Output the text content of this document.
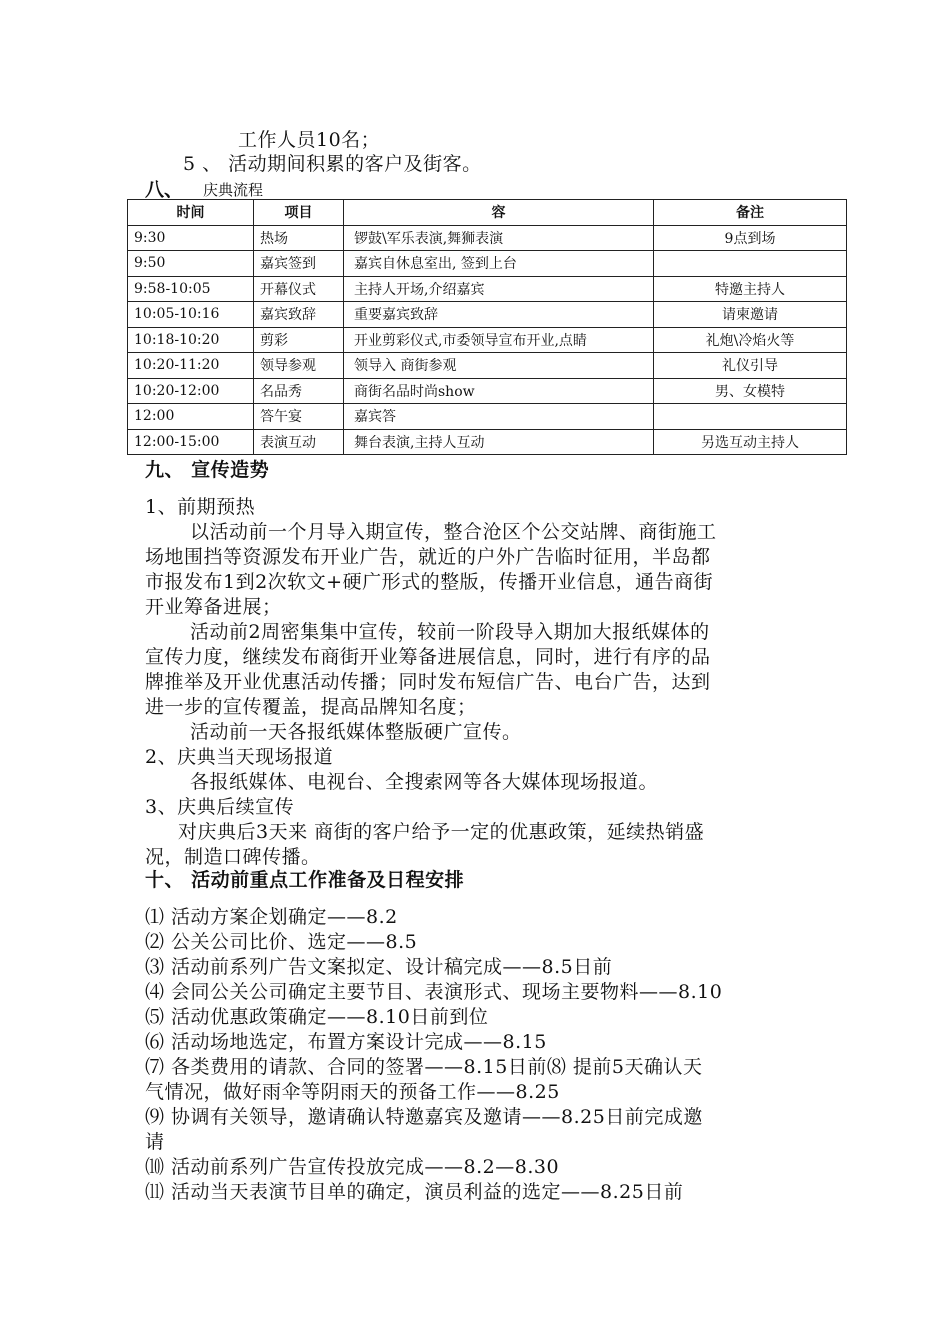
工作人员10名；
5 、 活动期间积累的客户及街客。
八、 庆典流程
时间	项目	容	备注
9:30	热场	锣鼓\军乐表演,舞狮表演	9点到场
9:50	嘉宾签到	嘉宾自休息室出, 签到上台	
9:58-10:05	开幕仪式	主持人开场,介绍嘉宾	特邀主持人
10:05-10:16	嘉宾致辞	重要嘉宾致辞	请柬邀请
10:18-10:20	剪彩	开业剪彩仪式,市委领导宣布开业,点睛	礼炮\冷焰火等
10:20-11:20	领导参观	领导入 商街参观	礼仪引导
10:20-12:00	名品秀	商街名品时尚show	男、女模特
12:00	答午宴	嘉宾答	
12:00-15:00	表演互动	舞台表演,主持人互动	另选互动主持人
九、 宣传造势
1、前期预热
以活动前一个月导入期宣传，整合沧区个公交站牌、商街施工
场地围挡等资源发布开业广告，就近的户外广告临时征用，半岛都
市报发布1到2次软文+硬广形式的整版，传播开业信息，通告商街
开业筹备进展；
活动前2周密集集中宣传，较前一阶段导入期加大报纸媒体的
宣传力度，继续发布商街开业筹备进展信息，同时，进行有序的品
牌推举及开业优惠活动传播；同时发布短信广告、电台广告，达到
进一步的宣传覆盖，提高品牌知名度；
活动前一天各报纸媒体整版硬广宣传。
2、庆典当天现场报道
各报纸媒体、电视台、全搜索网等各大媒体现场报道。
3、庆典后续宣传
对庆典后3天来 商街的客户给予一定的优惠政策，延续热销盛
况，制造口碑传播。
十、 活动前重点工作准备及日程安排
⑴ 活动方案企划确定——8.2
⑵ 公关公司比价、选定——8.5
⑶ 活动前系列广告文案拟定、设计稿完成——8.5日前
⑷ 会同公关公司确定主要节目、表演形式、现场主要物料——8.10
⑸ 活动优惠政策确定——8.10日前到位
⑹ 活动场地选定，布置方案设计完成——8.15
⑺ 各类费用的请款、合同的签署——8.15日前⑻ 提前5天确认天
气情况，做好雨伞等阴雨天的预备工作——8.25
⑼ 协调有关领导，邀请确认特邀嘉宾及邀请——8.25日前完成邀
请
⑽ 活动前系列广告宣传投放完成——8.2—8.30
⑾ 活动当天表演节目单的确定，演员利益的选定——8.25日前
